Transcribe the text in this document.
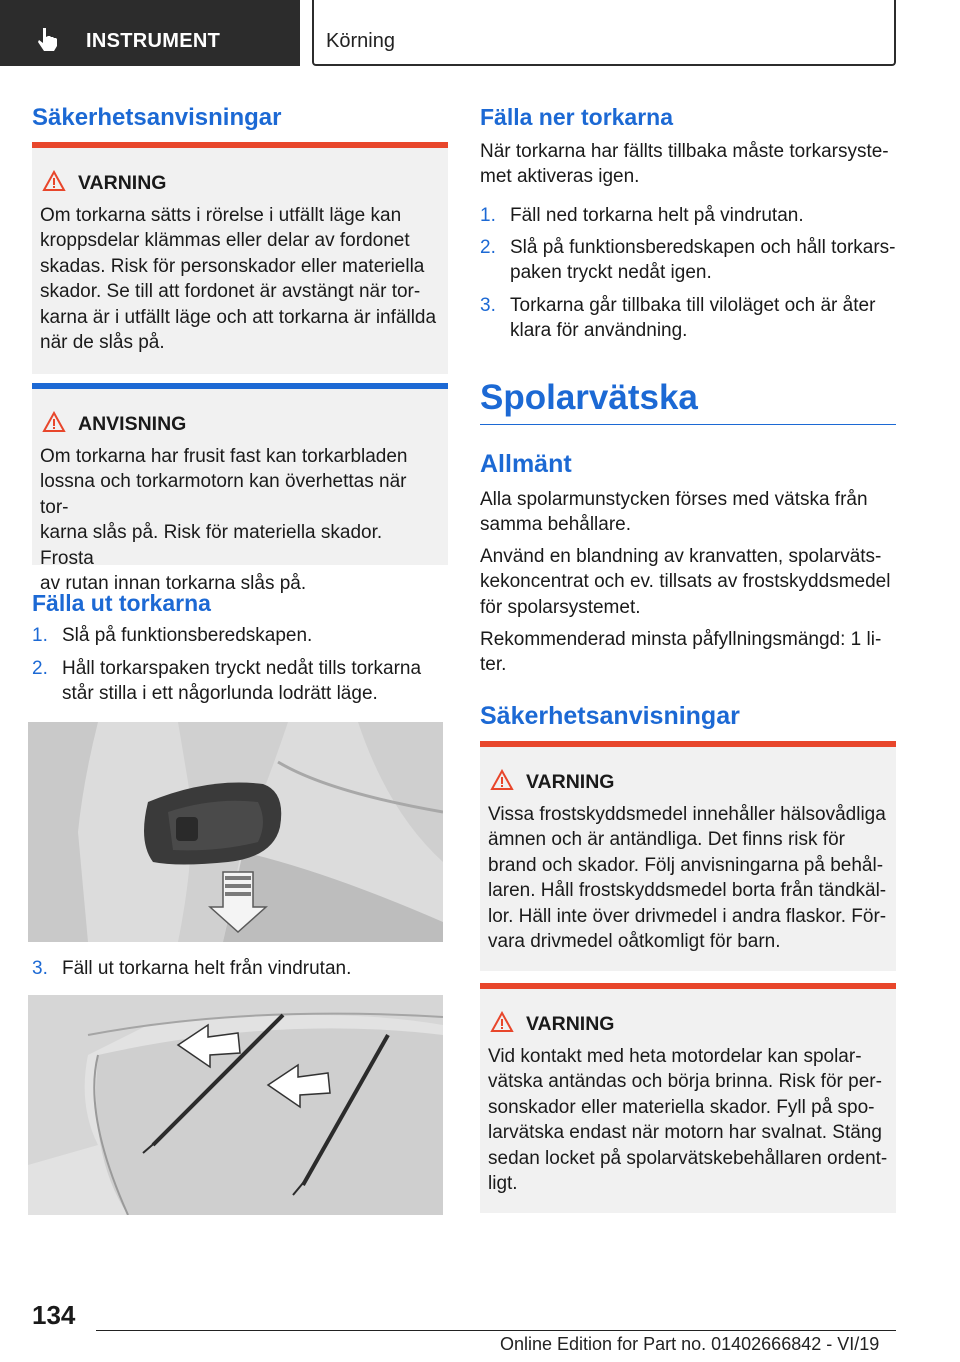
INSTRUMENT	Körning
Säkerhetsanvisningar
VARNING
Om torkarna sätts i rörelse i utfällt läge kan
kroppsdelar klämmas eller delar av fordonet
skadas. Risk för personskador eller materiella
skador. Se till att fordonet är avstängt när tor-
karna är i utfällt läge och att torkarna är infällda
när de slås på.
ANVISNING
Om torkarna har frusit fast kan torkarbladen
lossna och torkarmotorn kan överhettas när tor-
karna slås på. Risk för materiella skador. Frosta
av rutan innan torkarna slås på.
Fälla ut torkarna
1. Slå på funktionsberedskapen.
2. Håll torkarspaken tryckt nedåt tills torkarna
står stilla i ett någorlunda lodrätt läge.
3. Fäll ut torkarna helt från vindrutan.
Fälla ner torkarna

När torkarna har fällts tillbaka måste torkarsyste-
met aktiveras igen.

1. Fäll ned torkarna helt på vindrutan.
2. Slå på funktionsberedskapen och håll torkars-
paken tryckt nedåt igen.
3. Torkarna går tillbaka till viloläget och är åter
klara för användning.
Spolarvätska
Allmänt

Alla spolarmunstycken förses med vätska från
samma behållare.

Använd en blandning av kranvatten, spolarväts-
kekoncentrat och ev. tillsats av frostskyddsmedel
för spolarsystemet.

Rekommenderad minsta påfyllningsmängd: 1 li-
ter.

Säkerhetsanvisningar
VARNING
Vissa frostskyddsmedel innehåller hälsovådliga
ämnen och är antändliga. Det finns risk för
brand och skador. Följ anvisningarna på behål-
laren. Håll frostskyddsmedel borta från tändkäl-
lor. Häll inte över drivmedel i andra flaskor. För-
vara drivmedel oåtkomligt för barn.
VARNING
Vid kontakt med heta motordelar kan spolar-
vätska antändas och börja brinna. Risk för per-
sonskador eller materiella skador. Fyll på spo-
larvätska endast när motorn har svalnat. Stäng
sedan locket på spolarvätskebehållaren ordent-
ligt.
134
Online Edition for Part no. 01402666842 - VI/19
